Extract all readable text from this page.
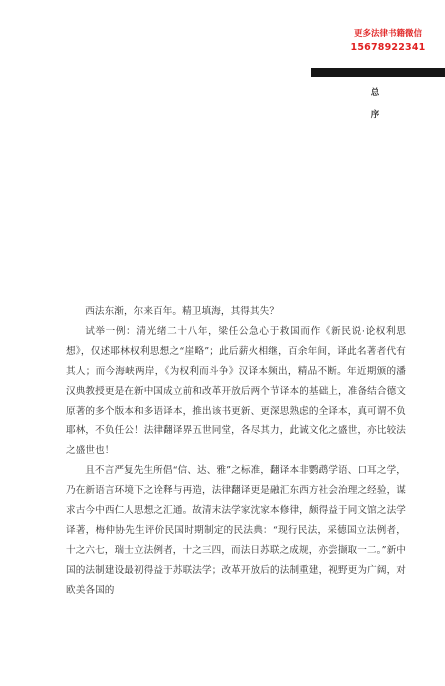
更多法律书籍微信
15678922341
总
序

西法东渐，尔来百年。精卫填海，其得其失？

试举一例：清光绪二十八年，梁任公急心于救国而作《新民说·论权利思想》，仅述耶林权利思想之“崖略”；此后薪火相继，百余年间，译此名著者代有其人；而今海峡两岸，《为权利而斗争》汉译本频出，精品不断。年近期颁的潘汉典教授更是在新中国成立前和改革开放后两个节译本的基础上，准备结合德文原著的多个版本和多语译本，推出该书更新、更深思熟虑的全译本，真可谓不负耶林，不负任公！法律翻译界五世同堂，各尽其力，此诚文化之盛世，亦比较法之盛世也！

且不言严复先生所倡“信、达、雅”之标准，翻译本非鹦鹉学语、口耳之学，乃在新语言环境下之诠释与再造，法律翻译更是融汇东西方社会治理之经验，谋求古今中西仁人思想之汇通。故清末法学家沈家本修律，颇得益于同文馆之法学译著，梅仲协先生评价民国时期制定的民法典：“现行民法，采德国立法例者，十之六七，瑞士立法例者，十之三四，而法日苏联之成规，亦尝撷取一二。”新中国的法制建设最初得益于苏联法学；改革开放后的法制重建，视野更为广阔，对欧美各国的
